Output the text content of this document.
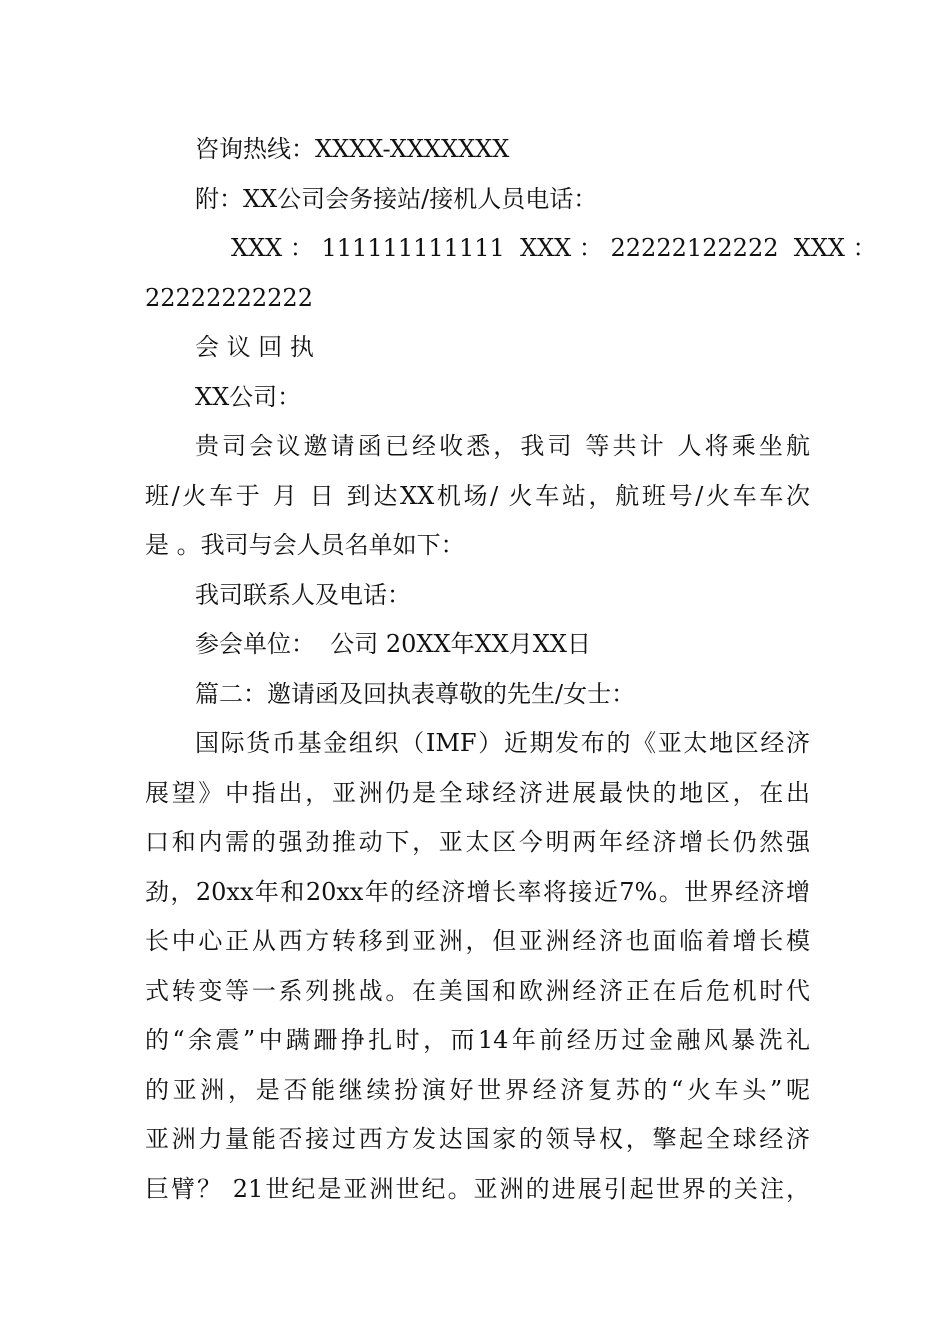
咨询热线：XXXX-XXXXXXX
附：XX公司会务接站/接机人员电话：
XXX ： 111111111111  XXX ： 22222122222  XXX ：
22222222222
会 议 回 执
XX公司：
贵司会议邀请函已经收悉，我司 等共计 人将乘坐航
班/火车于 月 日 到达XX机场/ 火车站，航班号/火车车次
是 。我司与会人员名单如下：
我司联系人及电话：
参会单位：  公司 20XX年XX月XX日
篇二：邀请函及回执表尊敬的先生/女士：
国际货币基金组织（IMF）近期发布的《亚太地区经济
展望》中指出，亚洲仍是全球经济进展最快的地区，在出
口和内需的强劲推动下，亚太区今明两年经济增长仍然强
劲，20xx年和20xx年的经济增长率将接近7%。世界经济增
长中心正从西方转移到亚洲，但亚洲经济也面临着增长模
式转变等一系列挑战。在美国和欧洲经济正在后危机时代
的“余震”中蹒跚挣扎时，而14年前经历过金融风暴洗礼
的亚洲，是否能继续扮演好世界经济复苏的“火车头”呢
亚洲力量能否接过西方发达国家的领导权，擎起全球经济
巨臂？ 21世纪是亚洲世纪。亚洲的进展引起世界的关注，
